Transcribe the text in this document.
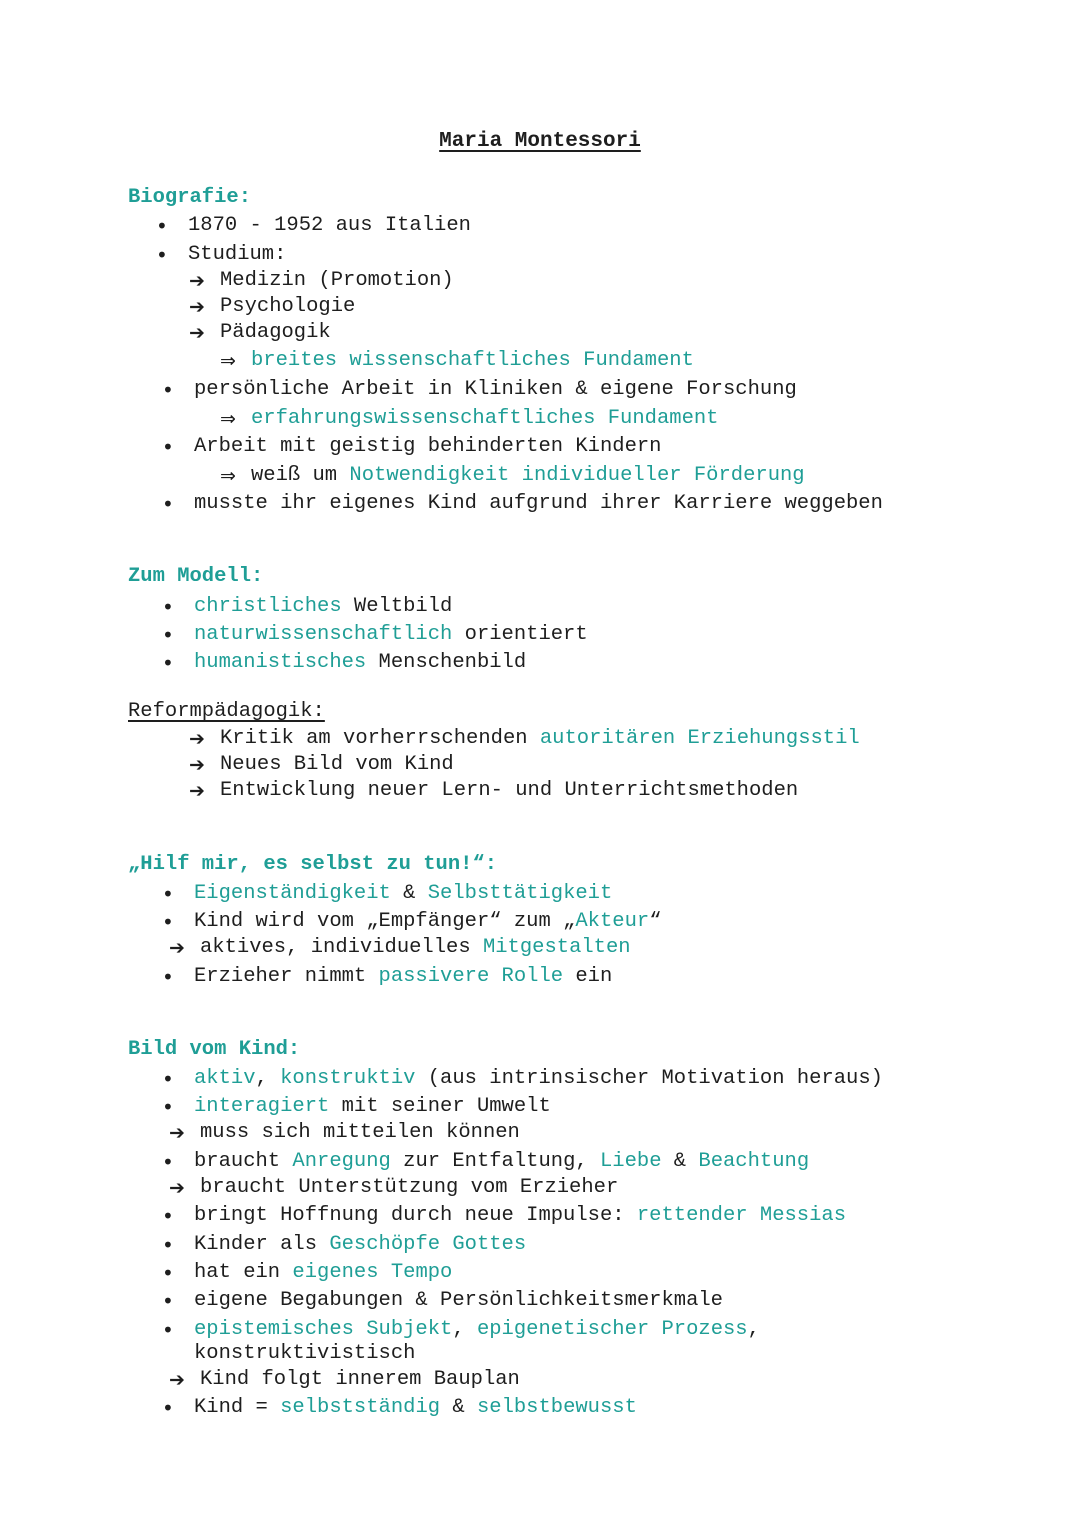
Maria Montessori
Biografie:
• 1870 - 1952 aus Italien
• Studium:
➔ Medizin (Promotion)
➔ Psychologie
➔ Pädagogik
⇒ breites wissenschaftliches Fundament
• persönliche Arbeit in Kliniken & eigene Forschung
⇒ erfahrungswissenschaftliches Fundament
• Arbeit mit geistig behinderten Kindern
⇒ weiß um Notwendigkeit individueller Förderung
• musste ihr eigenes Kind aufgrund ihrer Karriere weggeben
Zum Modell:
• christliches Weltbild
• naturwissenschaftlich orientiert
• humanistisches Menschenbild
Reformpädagogik:
➔ Kritik am vorherrschenden autoritären Erziehungsstil
➔ Neues Bild vom Kind
➔ Entwicklung neuer Lern- und Unterrichtsmethoden
„Hilf mir, es selbst zu tun!“:
• Eigenständigkeit & Selbsttätigkeit
• Kind wird vom „Empfänger“ zum „Akteur“
➔ aktives, individuelles Mitgestalten
• Erzieher nimmt passivere Rolle ein
Bild vom Kind:
• aktiv, konstruktiv (aus intrinsischer Motivation heraus)
• interagiert mit seiner Umwelt
➔ muss sich mitteilen können
• braucht Anregung zur Entfaltung, Liebe & Beachtung
➔ braucht Unterstützung vom Erzieher
• bringt Hoffnung durch neue Impulse: rettender Messias
• Kinder als Geschöpfe Gottes
• hat ein eigenes Tempo
• eigene Begabungen & Persönlichkeitsmerkmale
• epistemisches Subjekt, epigenetischer Prozess,
konstruktivistisch
➔ Kind folgt innerem Bauplan
• Kind = selbstständig & selbstbewusst
